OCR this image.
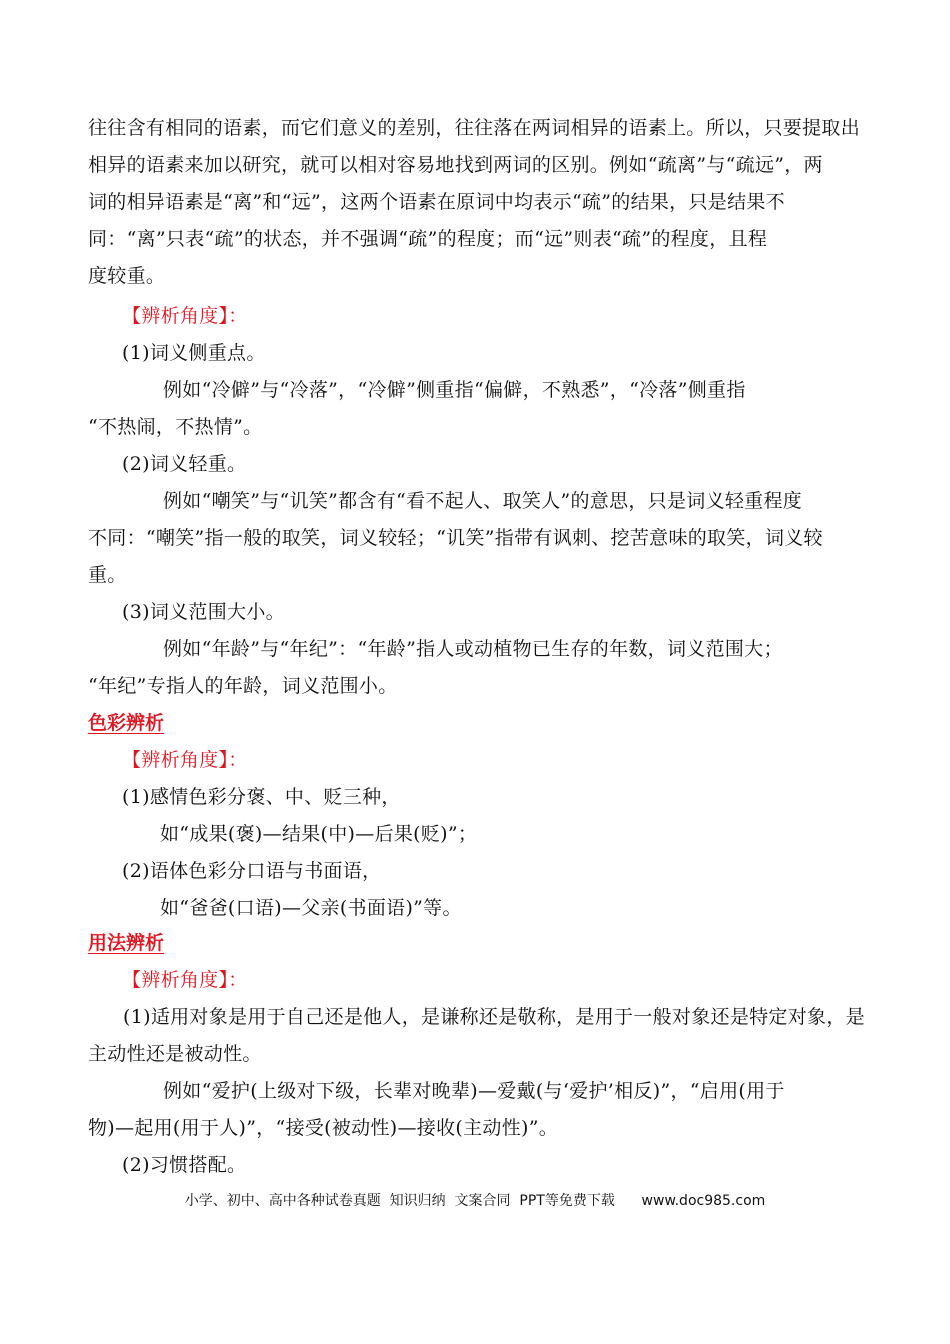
往往含有相同的语素，而它们意义的差别，往往落在两词相异的语素上。所以，只要提取出
相异的语素来加以研究，就可以相对容易地找到两词的区别。例如“疏离”与“疏远”，两
词的相异语素是“离”和“远”，这两个语素在原词中均表示“疏”的结果，只是结果不
同：“离”只表“疏”的状态，并不强调“疏”的程度；而“远”则表“疏”的程度，且程
度较重。
【辨析角度】：
(1)词义侧重点。
例如“冷僻”与“冷落”，“冷僻”侧重指“偏僻，不熟悉”，“冷落”侧重指
“不热闹，不热情”。
(2)词义轻重。
例如“嘲笑”与“讥笑”都含有“看不起人、取笑人”的意思，只是词义轻重程度
不同：“嘲笑”指一般的取笑，词义较轻；“讥笑”指带有讽刺、挖苦意味的取笑，词义较
重。
(3)词义范围大小。
例如“年龄”与“年纪”：“年龄”指人或动植物已生存的年数，词义范围大；
“年纪”专指人的年龄，词义范围小。
色彩辨析
【辨析角度】：
(1)感情色彩分褒、中、贬三种，
如“成果(褒)—结果(中)—后果(贬)”；
(2)语体色彩分口语与书面语，
如“爸爸(口语)—父亲(书面语)”等。
用法辨析
【辨析角度】：
(1)适用对象是用于自己还是他人，是谦称还是敬称，是用于一般对象还是特定对象，是
主动性还是被动性。
例如“爱护(上级对下级，长辈对晚辈)—爱戴(与‘爱护’相反)”，“启用(用于
物)—起用(用于人)”，“接受(被动性)—接收(主动性)”。
(2)习惯搭配。
小学、初中、高中各种试卷真题  知识归纳  文案合同  PPT等免费下载      www.doc985.com
